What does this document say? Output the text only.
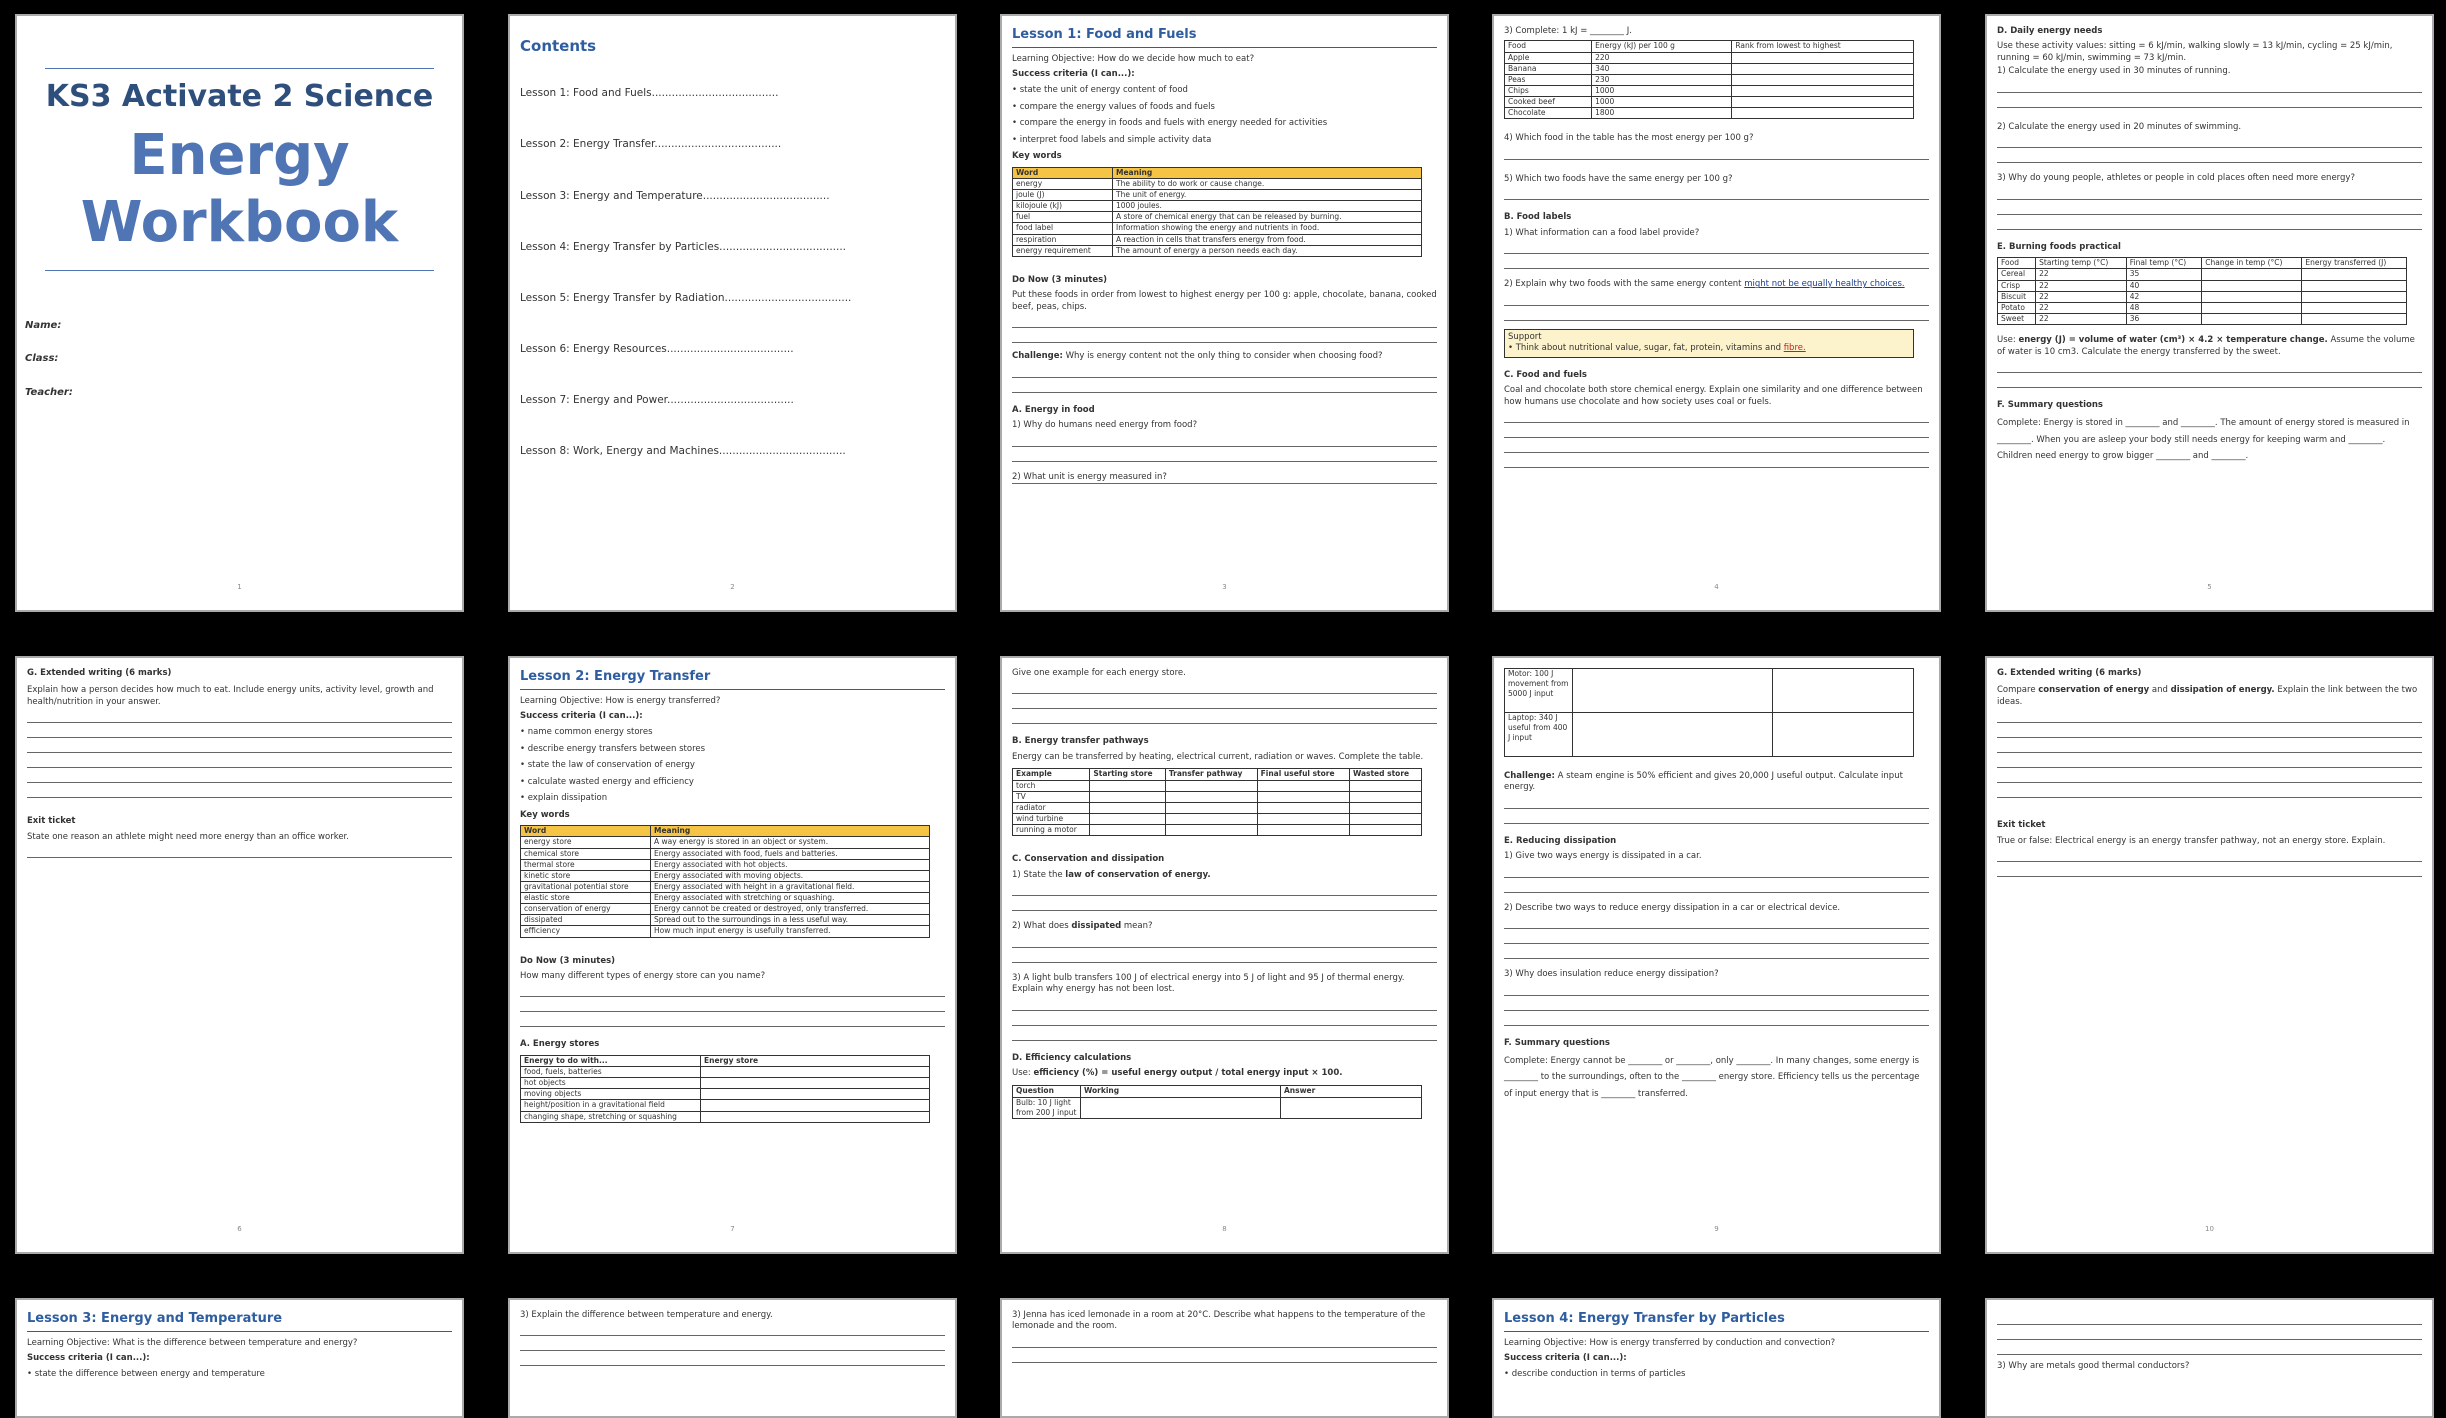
KS3 Activate 2 Science
Energy
Workbook
Name:
Class:
Teacher:
1
Contents
Lesson 1: Food and Fuels......................................
Lesson 2: Energy Transfer......................................
Lesson 3: Energy and Temperature......................................
Lesson 4: Energy Transfer by Particles......................................
Lesson 5: Energy Transfer by Radiation......................................
Lesson 6: Energy Resources......................................
Lesson 7: Energy and Power......................................
Lesson 8: Work, Energy and Machines......................................
2
Lesson 1: Food and Fuels
Learning Objective: How do we decide how much to eat?
Success criteria (I can...):
• state the unit of energy content of food
• compare the energy values of foods and fuels
• compare the energy in foods and fuels with energy needed for activities
• interpret food labels and simple activity data
Key words
Word	Meaning
energy	The ability to do work or cause change.
joule (J)	The unit of energy.
kilojoule (kJ)	1000 joules.
fuel	A store of chemical energy that can be released by burning.
food label	Information showing the energy and nutrients in food.
respiration	A reaction in cells that transfers energy from food.
energy requirement	The amount of energy a person needs each day.
Do Now (3 minutes)
Put these foods in order from lowest to highest energy per 100 g: apple, chocolate, banana, cooked beef, peas, chips.
Challenge: Why is energy content not the only thing to consider when choosing food?
A. Energy in food
1) Why do humans need energy from food?
2) What unit is energy measured in?
3
3) Complete: 1 kJ = ________ J.
Food	Energy (kJ) per 100 g	Rank from lowest to highest
Apple	220	
Banana	340	
Peas	230	
Chips	1000	
Cooked beef	1000	
Chocolate	1800	
4) Which food in the table has the most energy per 100 g?
5) Which two foods have the same energy per 100 g?
B. Food labels
1) What information can a food label provide?
2) Explain why two foods with the same energy content might not be equally healthy choices.
Support
• Think about nutritional value, sugar, fat, protein, vitamins and fibre.
C. Food and fuels
Coal and chocolate both store chemical energy. Explain one similarity and one difference between how humans use chocolate and how society uses coal or fuels.
4
D. Daily energy needs
Use these activity values: sitting = 6 kJ/min, walking slowly = 13 kJ/min, cycling = 25 kJ/min, running = 60 kJ/min, swimming = 73 kJ/min.
1) Calculate the energy used in 30 minutes of running.
2) Calculate the energy used in 20 minutes of swimming.
3) Why do young people, athletes or people in cold places often need more energy?
E. Burning foods practical
Food	Starting temp (°C)	Final temp (°C)	Change in temp (°C)	Energy transferred (J)
Cereal	22	35		
Crisp	22	40		
Biscuit	22	42		
Potato	22	48		
Sweet	22	36		
Use: energy (J) = volume of water (cm³) × 4.2 × temperature change. Assume the volume of water is 10 cm3. Calculate the energy transferred by the sweet.
F. Summary questions
Complete: Energy is stored in ________ and ________. The amount of energy stored is measured in ________. When you are asleep your body still needs energy for keeping warm and ________. Children need energy to grow bigger ________ and ________.
5
G. Extended writing (6 marks)
Explain how a person decides how much to eat. Include energy units, activity level, growth and health/nutrition in your answer.
Exit ticket
State one reason an athlete might need more energy than an office worker.
6
Lesson 2: Energy Transfer
Learning Objective: How is energy transferred?
Success criteria (I can...):
• name common energy stores
• describe energy transfers between stores
• state the law of conservation of energy
• calculate wasted energy and efficiency
• explain dissipation
Key words
Word	Meaning
energy store	A way energy is stored in an object or system.
chemical store	Energy associated with food, fuels and batteries.
thermal store	Energy associated with hot objects.
kinetic store	Energy associated with moving objects.
gravitational potential store	Energy associated with height in a gravitational field.
elastic store	Energy associated with stretching or squashing.
conservation of energy	Energy cannot be created or destroyed, only transferred.
dissipated	Spread out to the surroundings in a less useful way.
efficiency	How much input energy is usefully transferred.
Do Now (3 minutes)
How many different types of energy store can you name?
A. Energy stores
Energy to do with...	Energy store
food, fuels, batteries	
hot objects	
moving objects	
height/position in a gravitational field	
changing shape, stretching or squashing	
7
Give one example for each energy store.
B. Energy transfer pathways
Energy can be transferred by heating, electrical current, radiation or waves. Complete the table.
Example	Starting store	Transfer pathway	Final useful store	Wasted store
torch				
TV				
radiator				
wind turbine				
running a motor				
C. Conservation and dissipation
1) State the law of conservation of energy.
2) What does dissipated mean?
3) A light bulb transfers 100 J of electrical energy into 5 J of light and 95 J of thermal energy. Explain why energy has not been lost.
D. Efficiency calculations
Use: efficiency (%) = useful energy output / total energy input × 100.
Question	Working	Answer
Bulb: 10 J light from 200 J input		
8
Motor: 100 J movement from 5000 J input		
Laptop: 340 J useful from 400 J input		
Challenge: A steam engine is 50% efficient and gives 20,000 J useful output. Calculate input energy.
E. Reducing dissipation
1) Give two ways energy is dissipated in a car.
2) Describe two ways to reduce energy dissipation in a car or electrical device.
3) Why does insulation reduce energy dissipation?
F. Summary questions
Complete: Energy cannot be ________ or ________, only ________. In many changes, some energy is ________ to the surroundings, often to the ________ energy store. Efficiency tells us the percentage of input energy that is ________ transferred.
9
G. Extended writing (6 marks)
Compare conservation of energy and dissipation of energy. Explain the link between the two ideas.
Exit ticket
True or false: Electrical energy is an energy transfer pathway, not an energy store. Explain.
10
Lesson 3: Energy and Temperature
Learning Objective: What is the difference between temperature and energy?
Success criteria (I can...):
• state the difference between energy and temperature
3) Explain the difference between temperature and energy.	3) Jenna has iced lemonade in a room at 20°C. Describe what happens to the temperature of the lemonade and the room.
Lesson 4: Energy Transfer by Particles
Learning Objective: How is energy transferred by conduction and convection?
Success criteria (I can...):
• describe conduction in terms of particles
3) Why are metals good thermal conductors?
